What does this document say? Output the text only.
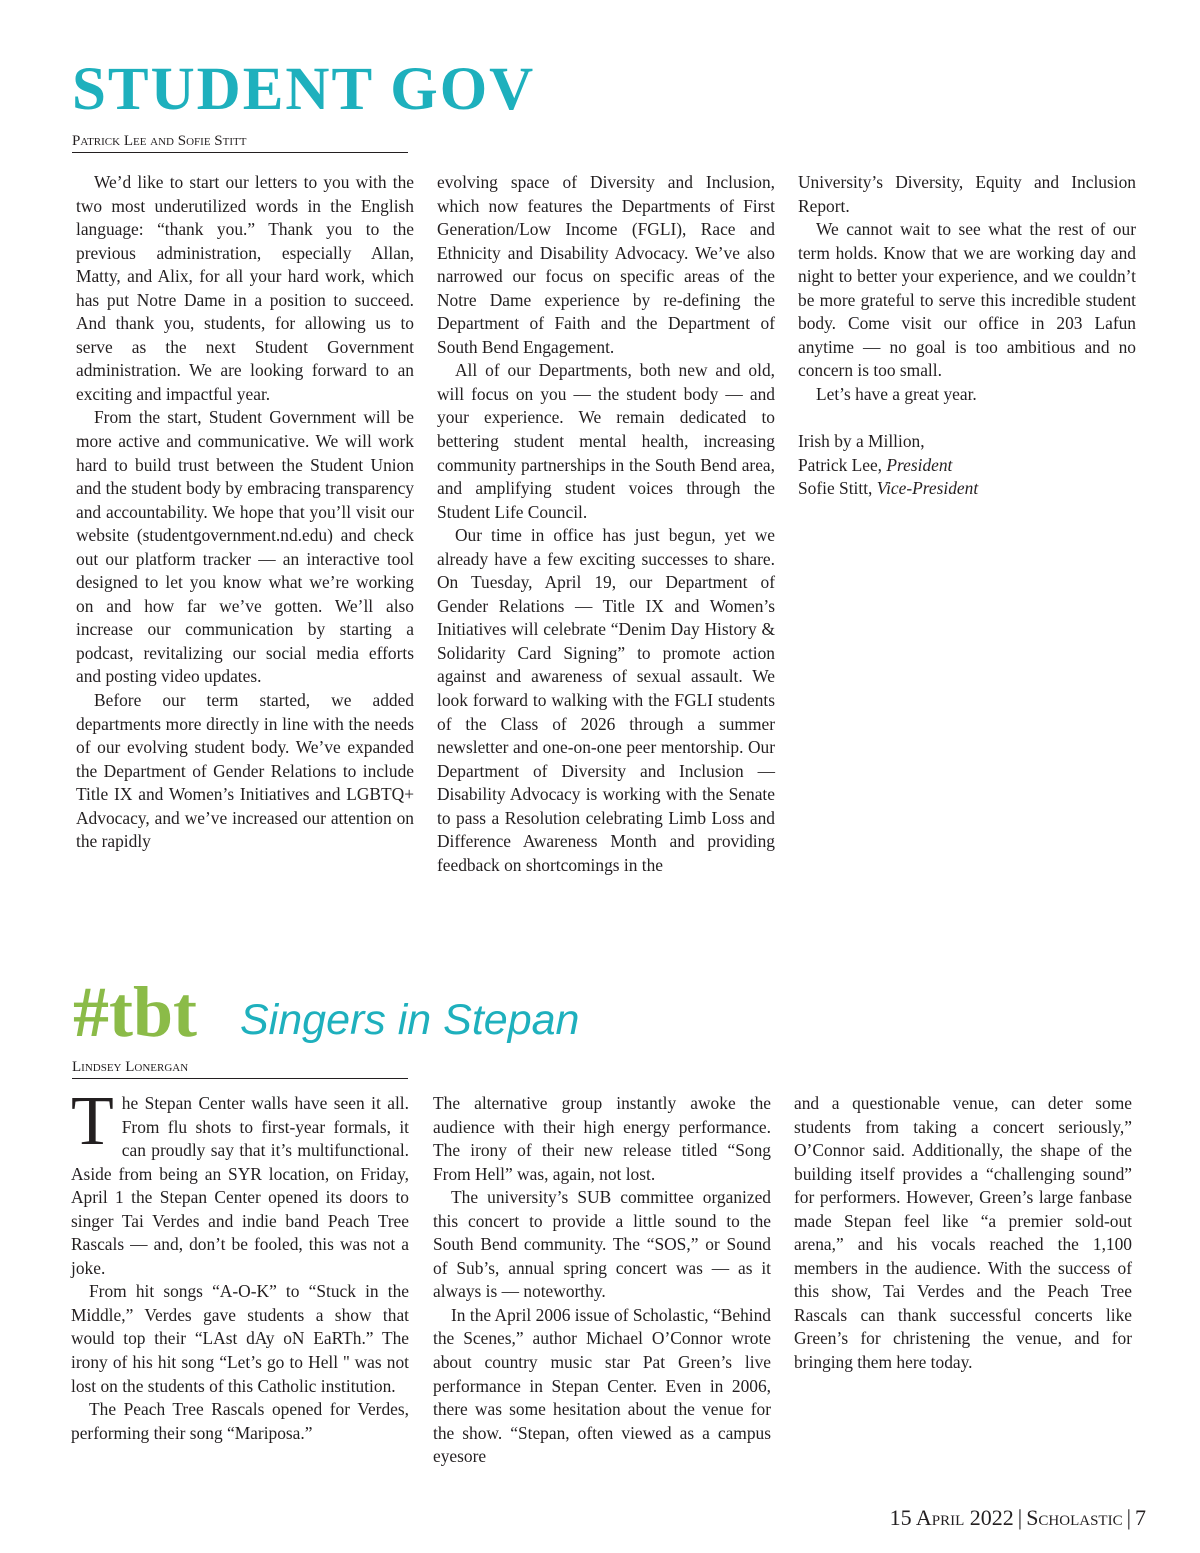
STUDENT GOV
Patrick Lee and Sofie Stitt

We’d like to start our letters to you with the two most underutilized words in the English language: “thank you.” Thank you to the previous administration, especially Allan, Matty, and Alix, for all your hard work, which has put Notre Dame in a position to succeed. And thank you, students, for allowing us to serve as the next Student Government administration. We are looking forward to an exciting and impactful year.

From the start, Student Government will be more active and communicative. We will work hard to build trust between the Student Union and the student body by embracing transparency and accountability. We hope that you’ll visit our website (studentgovernment.nd.edu) and check out our platform tracker — an interactive tool designed to let you know what we’re working on and how far we’ve gotten. We’ll also increase our communication by starting a podcast, revitalizing our social media efforts and posting video updates.

Before our term started, we added departments more directly in line with the needs of our evolving student body. We’ve expanded the Department of Gender Relations to include Title IX and Women’s Initiatives and LGBTQ+ Advocacy, and we’ve increased our attention on the rapidly

evolving space of Diversity and Inclusion, which now features the Departments of First Generation/Low Income (FGLI), Race and Ethnicity and Disability Advocacy. We’ve also narrowed our focus on specific areas of the Notre Dame experience by re-defining the Department of Faith and the Department of South Bend Engagement.

All of our Departments, both new and old, will focus on you — the student body — and your experience. We remain dedicated to bettering student mental health, increasing community partnerships in the South Bend area, and amplifying student voices through the Student Life Council.

Our time in office has just begun, yet we already have a few exciting successes to share. On Tuesday, April 19, our Department of Gender Relations — Title IX and Women’s Initiatives will celebrate “Denim Day History & Solidarity Card Signing” to promote action against and awareness of sexual assault. We look forward to walking with the FGLI students of the Class of 2026 through a summer newsletter and one-on-one peer mentorship. Our Department of Diversity and Inclusion — Disability Advocacy is working with the Senate to pass a Resolution celebrating Limb Loss and Difference Awareness Month and providing feedback on shortcomings in the

University’s Diversity, Equity and Inclusion Report.

We cannot wait to see what the rest of our term holds. Know that we are working day and night to better your experience, and we couldn’t be more grateful to serve this incredible student body. Come visit our office in 203 Lafun anytime — no goal is too ambitious and no concern is too small.

Let’s have a great year.

Irish by a Million,

Patrick Lee, President

Sofie Stitt, Vice-President

#tbt Singers in Stepan
Lindsey Lonergan

The Stepan Center walls have seen it all. From flu shots to first-year formals, it can proudly say that it’s multifunctional. Aside from being an SYR location, on Friday, April 1 the Stepan Center opened its doors to singer Tai Verdes and indie band Peach Tree Rascals — and, don’t be fooled, this was not a joke.

From hit songs “A-O-K” to “Stuck in the Middle,” Verdes gave students a show that would top their “LAst dAy oN EaRTh.” The irony of his hit song “Let’s go to Hell '' was not lost on the students of this Catholic institution.

The Peach Tree Rascals opened for Verdes, performing their song “Mariposa.”

The alternative group instantly awoke the audience with their high energy performance. The irony of their new release titled “Song From Hell” was, again, not lost.

The university’s SUB committee organized this concert to provide a little sound to the South Bend community. The “SOS,” or Sound of Sub’s, annual spring concert was — as it always is — noteworthy.

In the April 2006 issue of Scholastic, “Behind the Scenes,” author Michael O’Connor wrote about country music star Pat Green’s live performance in Stepan Center. Even in 2006, there was some hesitation about the venue for the show. “Stepan, often viewed as a campus eyesore

and a questionable venue, can deter some students from taking a concert seriously,” O’Connor said. Additionally, the shape of the building itself provides a “challenging sound” for performers. However, Green’s large fanbase made Stepan feel like “a premier sold-out arena,” and his vocals reached the 1,100 members in the audience. With the success of this show, Tai Verdes and the Peach Tree Rascals can thank successful concerts like Green’s for christening the venue, and for bringing them here today.

15 April 2022 | Scholastic | 7
